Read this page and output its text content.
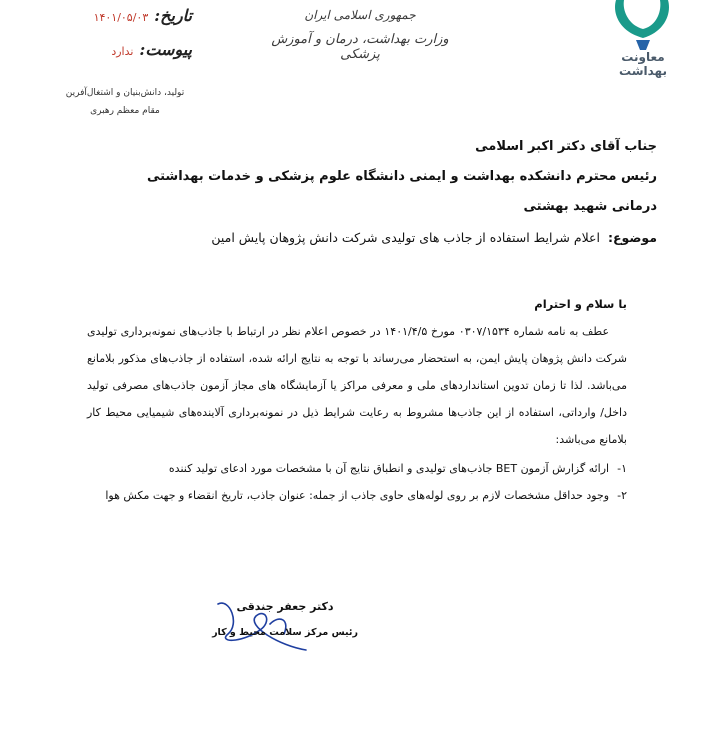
معاونت بهداشت
جمهوری اسلامی ایران
وزارت بهداشت، درمان و آموزش پزشکی
تاریخ:
۱۴۰۱/۰۵/۰۳
پیوست:
ندارد
تولید، دانش‌بنیان و اشتغال‌آفرین
مقام معظم رهبری
جناب آقای دکتر اکبر اسلامی
رئیس محترم دانشکده بهداشت و ایمنی دانشگاه علوم پزشکی و خدمات بهداشتی درمانی شهید بهشتی
موضوع: اعلام شرایط استفاده از جاذب های تولیدی شرکت دانش پژوهان پایش امین
با سلام و احترام
عطف به نامه شماره ۰۳۰۷/۱۵۳۴ مورخ ۱۴۰۱/۴/۵ در خصوص اعلام نظر در ارتباط با جاذب‌های نمونه‌برداری تولیدی شرکت دانش پژوهان پایش ایمن، به استحضار می‌رساند با توجه به نتایج ارائه شده، استفاده از جاذب‌های مذکور بلامانع می‌باشد. لذا تا زمان تدوین استانداردهای ملی و معرفی مراکز یا آزمایشگاه های مجاز آزمون جاذب‌های مصرفی تولید داخل/ وارداتی، استفاده از این جاذب‌ها مشروط به رعایت شرایط ذیل در نمونه‌برداری آلاینده‌های شیمیایی محیط کار بلامانع می‌باشد:
۱-ارائه گزارش آزمون BET جاذب‌های تولیدی و انطباق نتایج آن با مشخصات مورد ادعای تولید کننده
۲-وجود حداقل مشخصات لازم بر روی لوله‌های حاوی جاذب از جمله: عنوان جاذب، تاریخ انقضاء و جهت مکش هوا
دکتر جعفر جندقی
رئیس مرکز سلامت محیط و کار
